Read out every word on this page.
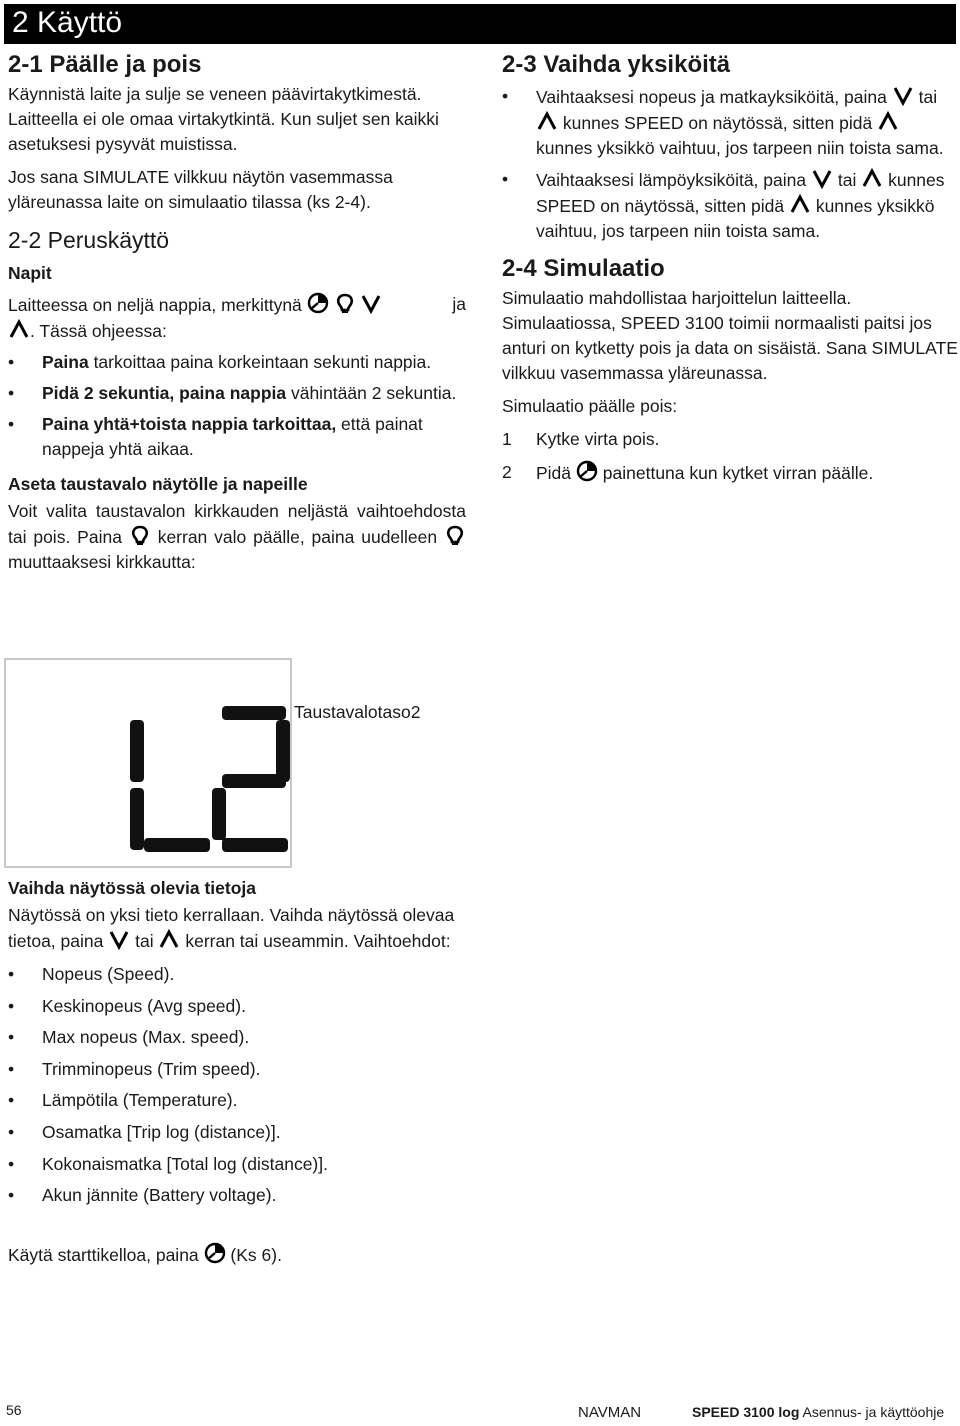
2 Käyttö
2-1 Päälle ja pois

Käynnistä laite ja sulje se veneen päävirtakytkimestä. Laitteella ei ole omaa virtakytkintä. Kun suljet sen kaikki asetuksesi pysyvät muistissa.

Jos sana SIMULATE vilkkuu näytön vasemmassa yläreunassa laite on simulaatio tilassa (ks 2-4).

2-2 Peruskäyttö

Napit

Laitteessa on neljä nappia, merkittynä

	ja

. Tässä ohjeessa:

• Paina tarkoittaa paina korkeintaan sekunti nappia.

• Pidä 2 sekuntia, paina nappia vähintään 2 sekuntia.

• Paina yhtä+toista nappia tarkoittaa, että painat nappeja yhtä aikaa.

Aseta taustavalo näytölle ja napeille

Voit valita taustavalon kirkkauden neljästä vaihtoehdosta tai pois. Paina kerran valo päälle, paina uudelleen
muuttaaksesi kirkkautta:

Taustavalotaso2

Vaihda näytössä olevia tietoja

Näytössä on yksi tieto kerrallaan. Vaihda näytössä olevaa tietoa, paina tai kerran tai useammin. Vaihtoehdot:

• Nopeus (Speed).

• Keskinopeus (Avg speed).

• Max nopeus (Max. speed).

• Trimminopeus (Trim speed).

• Lämpötila (Temperature).

• Osamatka [Trip log (distance)].

• Kokonaismatka [Total log (distance)].

• Akun jännite (Battery voltage).

Käytä starttikelloa, paina (Ks 6).

2-3 Vaihda yksiköitä

• Vaihtaaksesi nopeus ja matkayksiköitä, paina tai
kunnes SPEED on näytössä, sitten pidä
kunnes yksikkö vaihtuu, jos tarpeen niin toista sama.

• Vaihtaaksesi lämpöyksiköitä, paina tai kunnes SPEED on näytössä, sitten pidä kunnes yksikkö vaihtuu, jos tarpeen niin toista sama.

2-4 Simulaatio

Simulaatio mahdollistaa harjoittelun laitteella. Simulaatiossa, SPEED 3100 toimii normaalisti paitsi jos anturi on kytketty pois ja data on sisäistä. Sana SIMULATE vilkkuu vasemmassa yläreunassa.

Simulaatio päälle pois:

1 Kytke virta pois.

2 Pidä painettuna kun kytket virran päälle.

56	NAVMAN	SPEED 3100 log Asennus- ja käyttöohje
